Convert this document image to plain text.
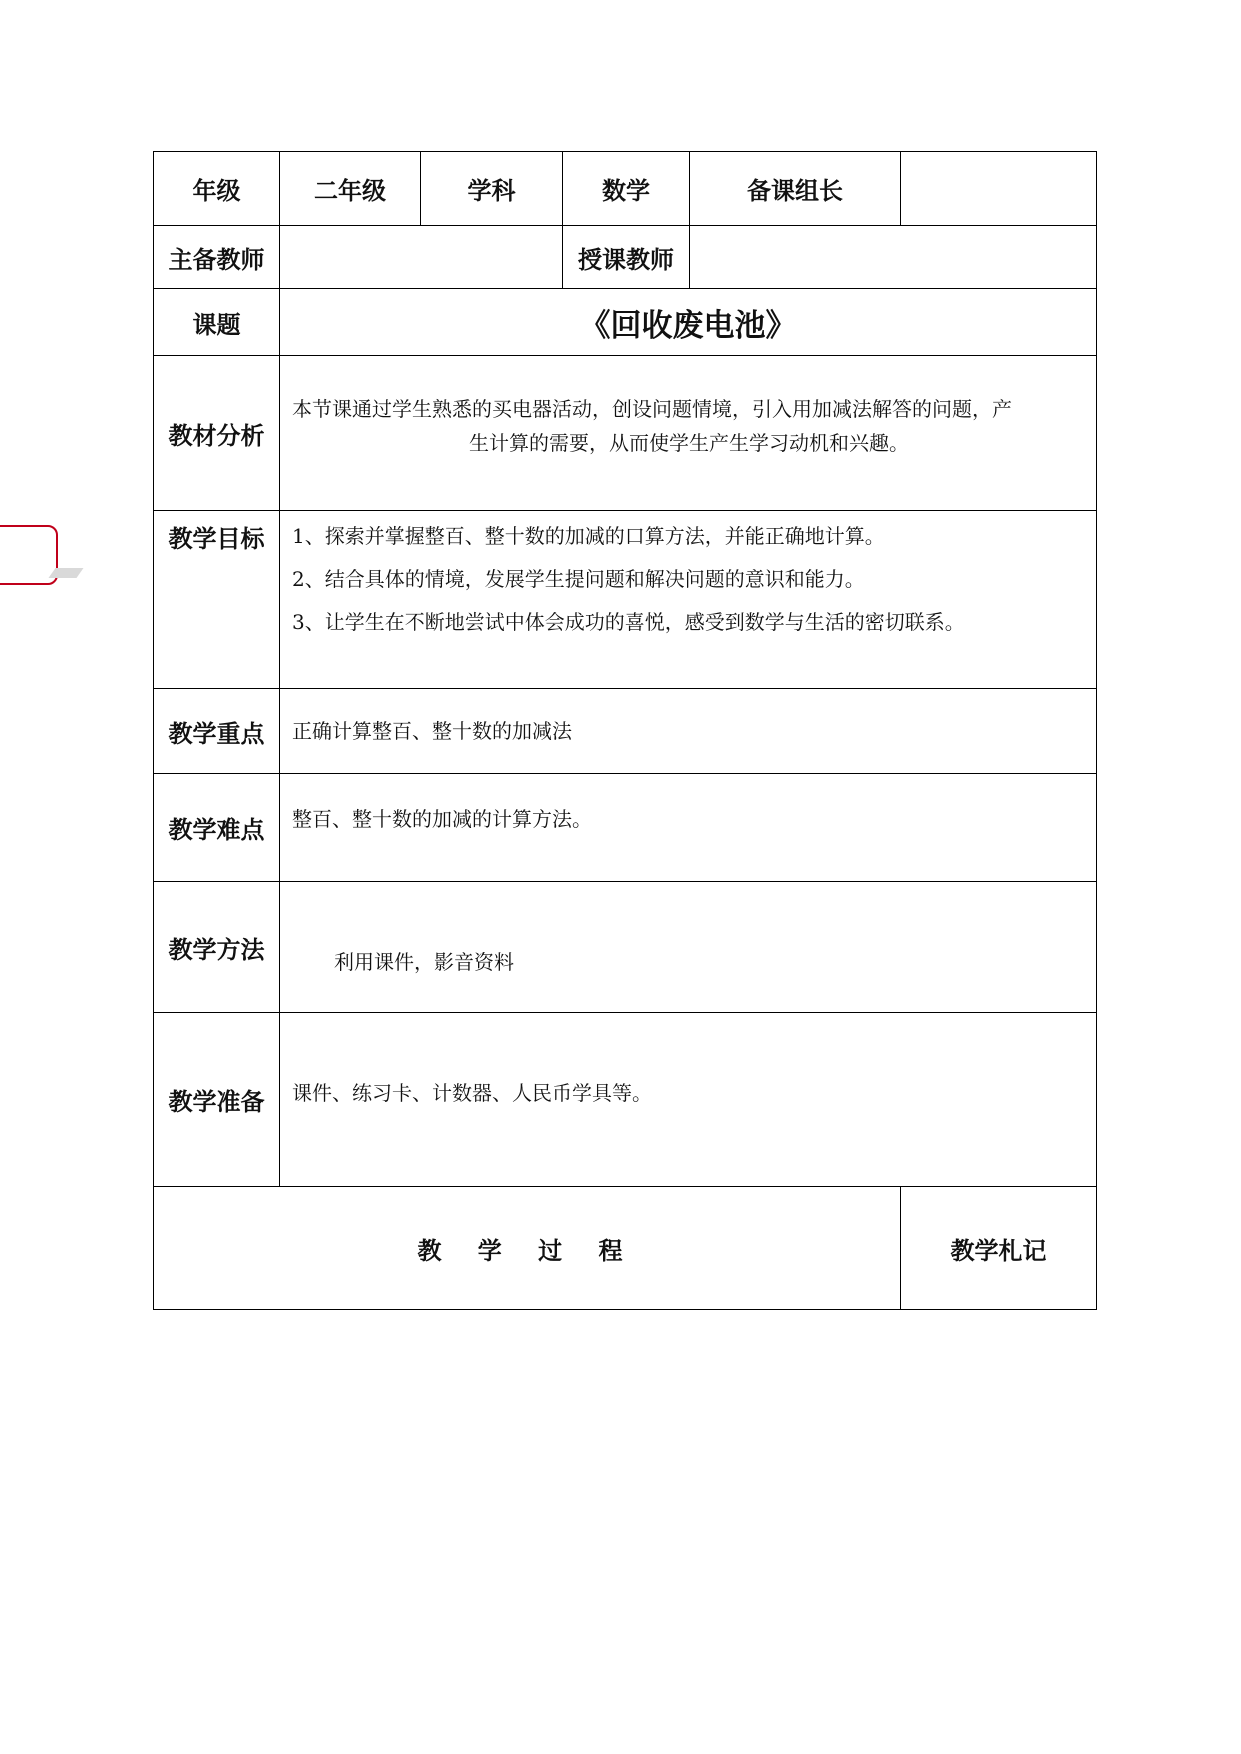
年级	二年级	学科	数学	备课组长	
主备教师			授课教师		
课题	《回收废电池》				
教材分析	本节课通过学生熟悉的买电器活动，创设问题情境，引入用加减法解答的问题，产
生计算的需要，从而使学生产生学习动机和兴趣。				

教学目标	1、探索并掌握整百、整十数的加减的口算方法，并能正确地计算。
2、结合具体的情境，发展学生提问题和解决问题的意识和能力。
3、让学生在不断地尝试中体会成功的喜悦，感受到数学与生活的密切联系。				

教学重点	正确计算整百、整十数的加减法				
教学难点	整百、整十数的加减的计算方法。				

教学方法	利用课件，影音资料				

教学准备	课件、练习卡、计数器、人民币学具等。				

教 学 过 程					教学札记
